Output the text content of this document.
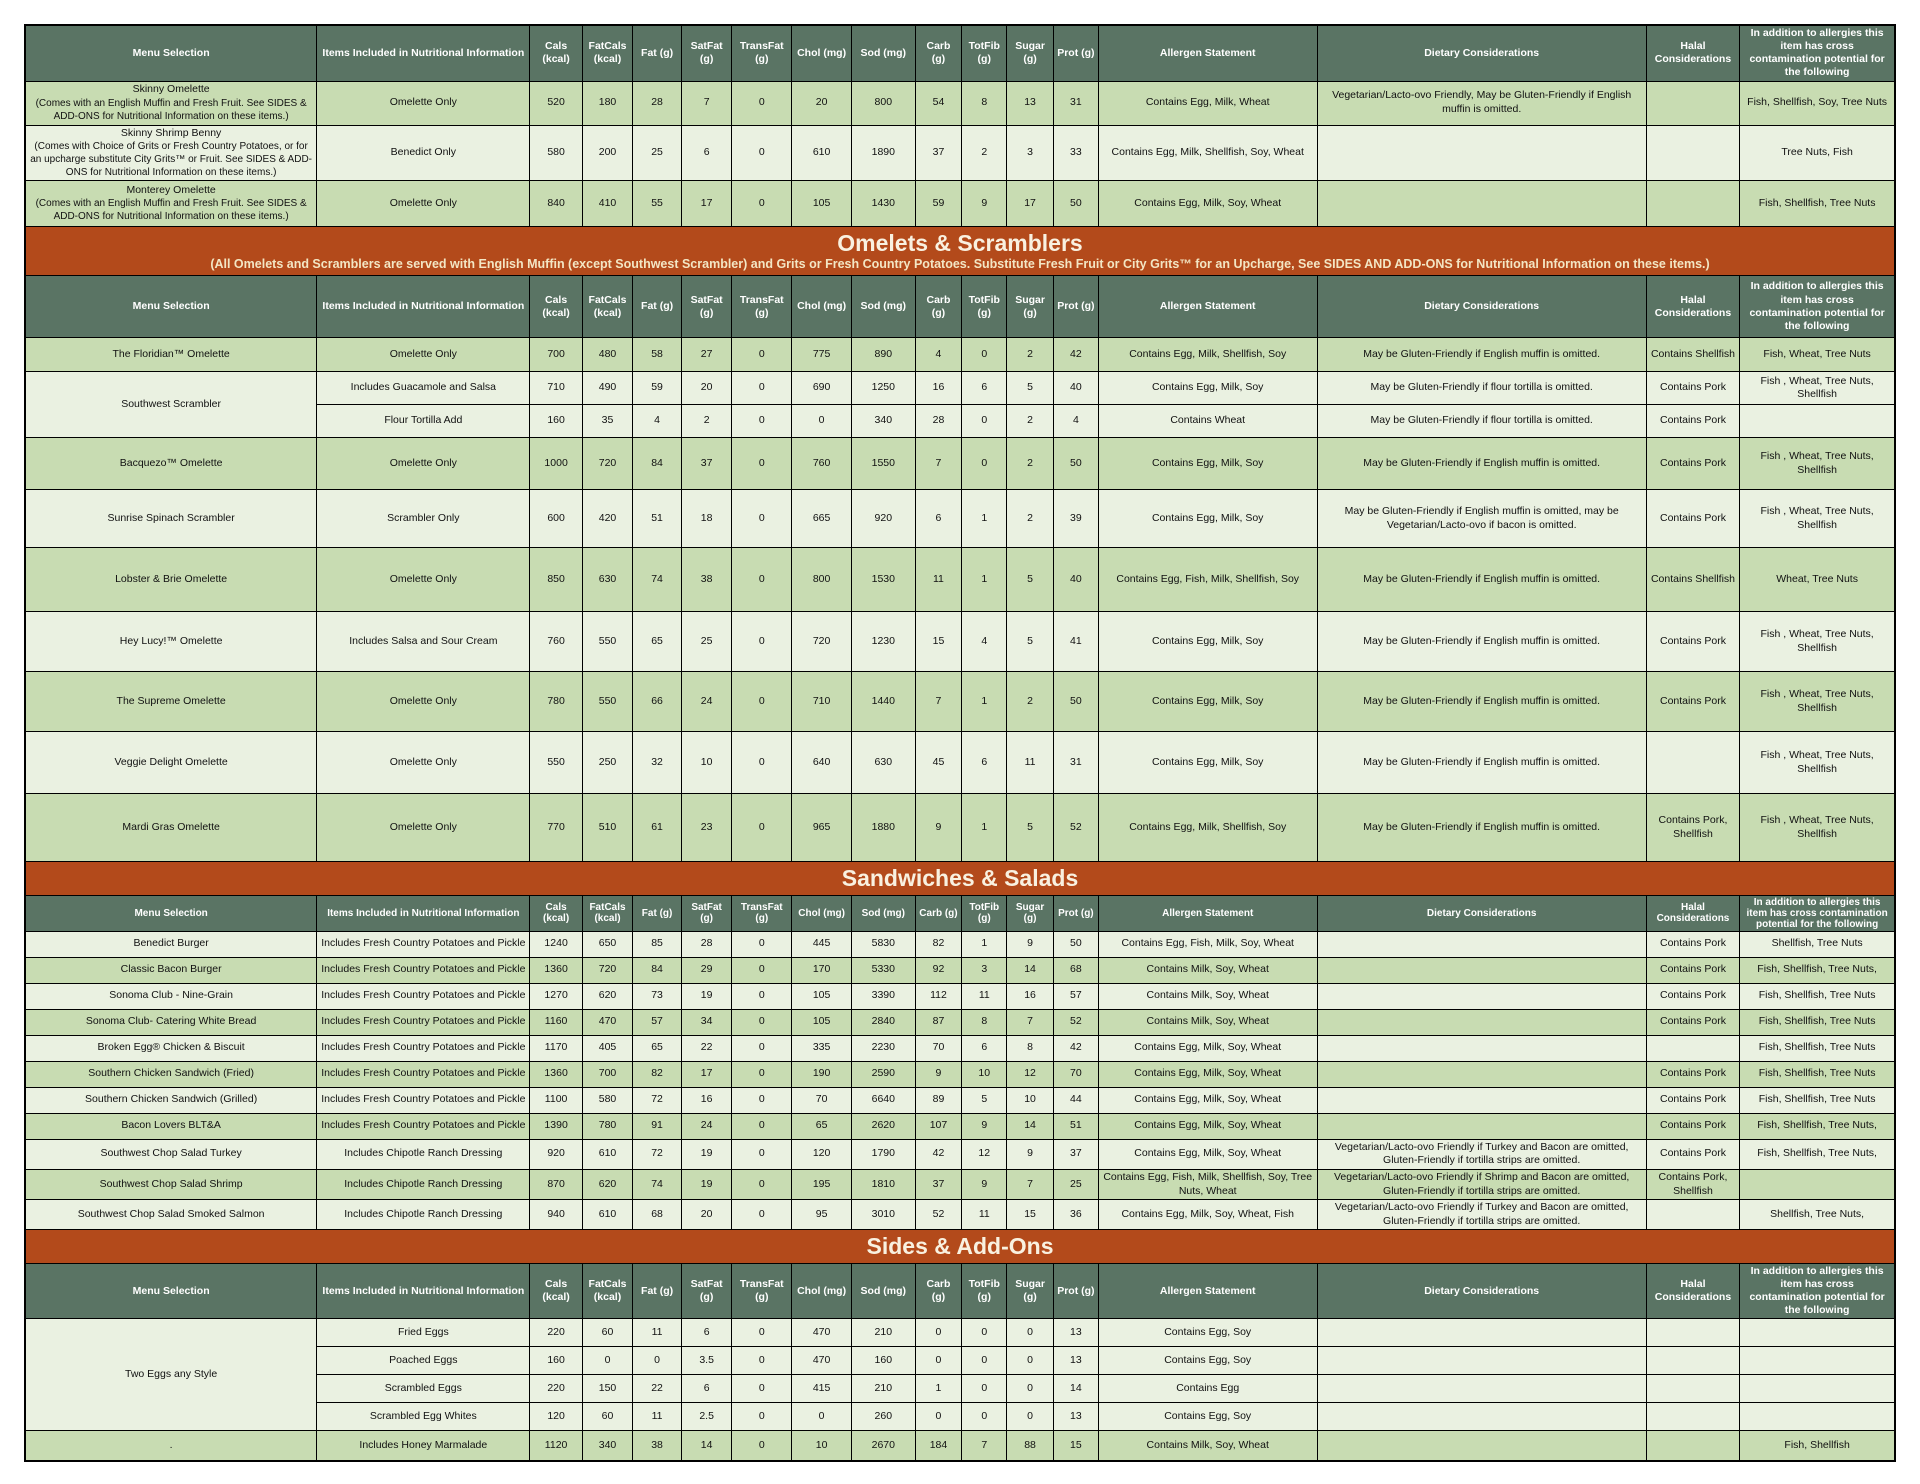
Menu Selection	Items Included in Nutritional Information	Cals (kcal)	FatCals (kcal)	Fat (g)	SatFat (g)	TransFat (g)	Chol (mg)	Sod (mg)	Carb (g)	TotFib (g)	Sugar (g)	Prot (g)	Allergen Statement	Dietary Considerations	Halal Considerations	In addition to allergies this item has cross contamination potential for the following

Skinny Omelette
(Comes with an English Muffin and Fresh Fruit. See SIDES & ADD-ONS for Nutritional Information on these items.)	Omelette Only	520	180	28	7	0	20	800	54	8	13	31	Contains Egg, Milk, Wheat	Vegetarian/Lacto-ovo Friendly, May be Gluten-Friendly if English muffin is omitted.		Fish, Shellfish, Soy, Tree Nuts

Skinny Shrimp Benny
(Comes with Choice of Grits or Fresh Country Potatoes, or for an upcharge substitute City Grits™ or Fruit. See SIDES & ADD-ONS for Nutritional Information on these items.)	Benedict Only	580	200	25	6	0	610	1890	37	2	3	33	Contains Egg, Milk, Shellfish, Soy, Wheat			Tree Nuts, Fish

Monterey Omelette
(Comes with an English Muffin and Fresh Fruit. See SIDES & ADD-ONS for Nutritional Information on these items.)	Omelette Only	840	410	55	17	0	105	1430	59	9	17	50	Contains Egg, Milk, Soy, Wheat			Fish, Shellfish, Tree Nuts

Omelets & Scramblers
(All Omelets and Scramblers are served with English Muffin (except Southwest Scrambler) and Grits or Fresh Country Potatoes. Substitute Fresh Fruit or City Grits™ for an Upcharge, See SIDES AND ADD-ONS for Nutritional Information on these items.)																

Menu Selection	Items Included in Nutritional Information	Cals (kcal)	FatCals (kcal)	Fat (g)	SatFat (g)	TransFat (g)	Chol (mg)	Sod (mg)	Carb (g)	TotFib (g)	Sugar (g)	Prot (g)	Allergen Statement	Dietary Considerations	Halal Considerations	In addition to allergies this item has cross contamination potential for the following

The Floridian™ Omelette	Omelette Only	700	480	58	27	0	775	890	4	0	2	42	Contains Egg, Milk, Shellfish, Soy	May be Gluten-Friendly if English muffin is omitted.	Contains Shellfish	Fish, Wheat, Tree Nuts

Southwest Scrambler	Includes Guacamole and Salsa	710	490	59	20	0	690	1250	16	6	5	40	Contains Egg, Milk, Soy	May be Gluten-Friendly if flour tortilla is omitted.	Contains Pork	Fish , Wheat, Tree Nuts, Shellfish
	Flour Tortilla Add	160	35	4	2	0	0	340	28	0	2	4	Contains Wheat	May be Gluten-Friendly if flour tortilla is omitted.	Contains Pork	

Bacquezo™ Omelette	Omelette Only	1000	720	84	37	0	760	1550	7	0	2	50	Contains Egg, Milk, Soy	May be Gluten-Friendly if English muffin is omitted.	Contains Pork	Fish , Wheat, Tree Nuts, Shellfish

Sunrise Spinach Scrambler	Scrambler Only	600	420	51	18	0	665	920	6	1	2	39	Contains Egg, Milk, Soy	May be Gluten-Friendly if English muffin is omitted, may be Vegetarian/Lacto-ovo if bacon is omitted.	Contains Pork	Fish , Wheat, Tree Nuts, Shellfish

Lobster & Brie Omelette	Omelette Only	850	630	74	38	0	800	1530	11	1	5	40	Contains Egg, Fish, Milk, Shellfish, Soy	May be Gluten-Friendly if English muffin is omitted.	Contains Shellfish	Wheat, Tree Nuts

Hey Lucy!™ Omelette	Includes Salsa and Sour Cream	760	550	65	25	0	720	1230	15	4	5	41	Contains Egg, Milk, Soy	May be Gluten-Friendly if English muffin is omitted.	Contains Pork	Fish , Wheat, Tree Nuts, Shellfish

The Supreme Omelette	Omelette Only	780	550	66	24	0	710	1440	7	1	2	50	Contains Egg, Milk, Soy	May be Gluten-Friendly if English muffin is omitted.	Contains Pork	Fish , Wheat, Tree Nuts, Shellfish

Veggie Delight Omelette	Omelette Only	550	250	32	10	0	640	630	45	6	11	31	Contains Egg, Milk, Soy	May be Gluten-Friendly if English muffin is omitted.		Fish , Wheat, Tree Nuts, Shellfish

Mardi Gras Omelette	Omelette Only	770	510	61	23	0	965	1880	9	1	5	52	Contains Egg, Milk, Shellfish, Soy	May be Gluten-Friendly if English muffin is omitted.	Contains Pork, Shellfish	Fish , Wheat, Tree Nuts, Shellfish

Sandwiches & Salads																

Menu Selection	Items Included in Nutritional Information	Cals (kcal)	FatCals (kcal)	Fat (g)	SatFat (g)	TransFat (g)	Chol (mg)	Sod (mg)	Carb (g)	TotFib (g)	Sugar (g)	Prot (g)	Allergen Statement	Dietary Considerations	Halal Considerations	In addition to allergies this item has cross contamination potential for the following

Benedict Burger	Includes Fresh Country Potatoes and Pickle	1240	650	85	28	0	445	5830	82	1	9	50	Contains Egg, Fish, Milk, Soy, Wheat		Contains Pork	Shellfish, Tree Nuts

Classic Bacon Burger	Includes Fresh Country Potatoes and Pickle	1360	720	84	29	0	170	5330	92	3	14	68	Contains Milk, Soy, Wheat		Contains Pork	Fish, Shellfish, Tree Nuts,

Sonoma Club - Nine-Grain	Includes Fresh Country Potatoes and Pickle	1270	620	73	19	0	105	3390	112	11	16	57	Contains Milk, Soy, Wheat		Contains Pork	Fish, Shellfish, Tree Nuts

Sonoma Club- Catering White Bread	Includes Fresh Country Potatoes and Pickle	1160	470	57	34	0	105	2840	87	8	7	52	Contains Milk, Soy, Wheat		Contains Pork	Fish, Shellfish, Tree Nuts

Broken Egg® Chicken & Biscuit	Includes Fresh Country Potatoes and Pickle	1170	405	65	22	0	335	2230	70	6	8	42	Contains Egg, Milk, Soy, Wheat			Fish, Shellfish, Tree Nuts

Southern Chicken Sandwich (Fried)	Includes Fresh Country Potatoes and Pickle	1360	700	82	17	0	190	2590	9	10	12	70	Contains Egg, Milk, Soy, Wheat		Contains Pork	Fish, Shellfish, Tree Nuts

Southern Chicken Sandwich (Grilled)	Includes Fresh Country Potatoes and Pickle	1100	580	72	16	0	70	6640	89	5	10	44	Contains Egg, Milk, Soy, Wheat		Contains Pork	Fish, Shellfish, Tree Nuts

Bacon Lovers BLT&A	Includes Fresh Country Potatoes and Pickle	1390	780	91	24	0	65	2620	107	9	14	51	Contains Egg, Milk, Soy, Wheat		Contains Pork	Fish, Shellfish, Tree Nuts,

Southwest Chop Salad Turkey	Includes Chipotle Ranch Dressing	920	610	72	19	0	120	1790	42	12	9	37	Contains Egg, Milk, Soy, Wheat	Vegetarian/Lacto-ovo Friendly if Turkey and Bacon are omitted, Gluten-Friendly if tortilla strips are omitted.	Contains Pork	Fish, Shellfish, Tree Nuts,

Southwest Chop Salad Shrimp	Includes Chipotle Ranch Dressing	870	620	74	19	0	195	1810	37	9	7	25	Contains Egg, Fish, Milk, Shellfish, Soy, Tree Nuts, Wheat	Vegetarian/Lacto-ovo Friendly if Shrimp and Bacon are omitted, Gluten-Friendly if tortilla strips are omitted.	Contains Pork, Shellfish	

Southwest Chop Salad Smoked Salmon	Includes Chipotle Ranch Dressing	940	610	68	20	0	95	3010	52	11	15	36	Contains Egg, Milk, Soy, Wheat, Fish	Vegetarian/Lacto-ovo Friendly if Turkey and Bacon are omitted, Gluten-Friendly if tortilla strips are omitted.		Shellfish, Tree Nuts,

Sides & Add-Ons																

Menu Selection	Items Included in Nutritional Information	Cals (kcal)	FatCals (kcal)	Fat (g)	SatFat (g)	TransFat (g)	Chol (mg)	Sod (mg)	Carb (g)	TotFib (g)	Sugar (g)	Prot (g)	Allergen Statement	Dietary Considerations	Halal Considerations	In addition to allergies this item has cross contamination potential for the following

Two Eggs any Style	Fried Eggs	220	60	11	6	0	470	210	0	0	0	13	Contains Egg, Soy			
	Poached Eggs	160	0	0	3.5	0	470	160	0	0	0	13	Contains Egg, Soy			
	Scrambled Eggs	220	150	22	6	0	415	210	1	0	0	14	Contains Egg			
	Scrambled Egg Whites	120	60	11	2.5	0	0	260	0	0	0	13	Contains Egg, Soy			

.	Includes Honey Marmalade	1120	340	38	14	0	10	2670	184	7	88	15	Contains Milk, Soy, Wheat			Fish, Shellfish
